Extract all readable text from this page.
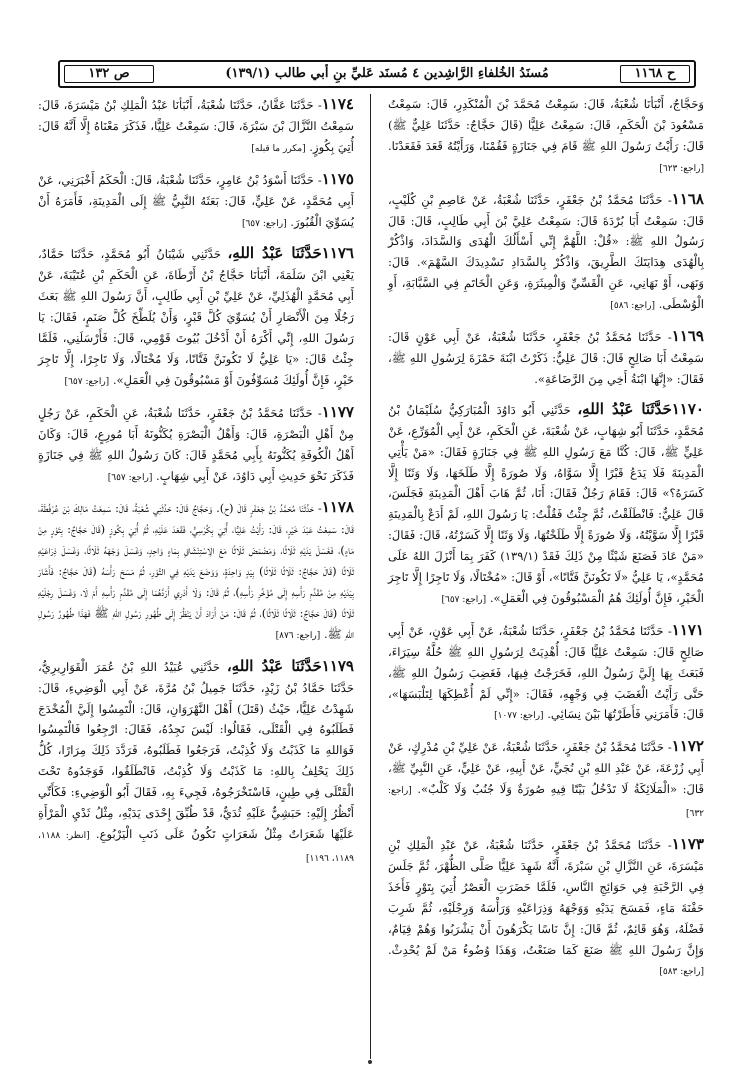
ص ١٣٢	مُسنَدُ الخُلفاءِ الرَّاشِدين ٤ مُسنَد عَليِّ بنِ أَبي طالب (١٣٩/١)	ح ١١٦٨

وَحَجَّاجٌ، أَنْبَأنَا شُعْبَةُ، قَالَ: سَمِعْتُ مُحَمَّدَ بْنَ الْمُنْكَدِرِ، قَالَ: سَمِعْتُ مَسْعُودَ بْنَ الْحَكَمِ، قَالَ: سَمِعْتُ عَلِيًّا (قَالَ حَجَّاجٌ: حَدَّثَنَا عَلِيٌّ ﷺ) قَالَ: رَأَيْتُ رَسُولَ اللهِ ﷺ قَامَ فِي جَنَازَةٍ فَقُمْنَا، وَرَأَيْتُهُ قَعَدَ فَقَعَدْنَا. [راجع: ٦٢٣]

١١٦٨- حَدَّثَنَا مُحَمَّدُ بْنُ جَعْفَرٍ، حَدَّثَنَا شُعْبَةُ، عَنْ عَاصِمِ بْنِ كُلَيْبٍ، قَالَ: سَمِعْتُ أَبَا بُرْدَةَ قَالَ: سَمِعْتُ عَلِيَّ بْنَ أَبِي طَالِبٍ، قَالَ: قَالَ رَسُولُ اللهِ ﷺ: «قُلْ: اللَّهُمَّ إِنِّي أَسْأَلُكَ الْهُدَى وَالسَّدَادَ، وَاذْكُرْ بِالْهُدَى هِدَايَتَكَ الطَّرِيقَ، وَاذْكُرْ بِالسَّدَادِ تَسْدِيدَكَ السَّهْمَ». قَالَ: وَنَهَى، أَوْ نَهَانِي، عَنِ الْقَسِّيِّ وَالْمِيثَرَةِ، وَعَنِ الْخَاتَمِ فِي السَّبَّابَةِ، أَوِ الْوُسْطَى. [راجع: ٥٨٦]

١١٦٩- حَدَّثَنَا مُحَمَّدُ بْنُ جَعْفَرٍ، حَدَّثَنَا شُعْبَةُ، عَنْ أَبِي عَوْنٍ قَالَ: سَمِعْتُ أَبَا صَالِحٍ قَالَ: قَالَ عَلِيٌّ: ذَكَرْتُ ابْنَةَ حَمْزَةَ لِرَسُولِ اللهِ ﷺ، فَقَالَ: «إِنَّهَا ابْنَةُ أَخِي مِنَ الرَّضَاعَةِ».

١١٧٠حَدَّثَنَا عَبْدُ اللهِ، حَدَّثَنِي أَبُو دَاوُدَ الْمُبَارَكِيُّ سُلَيْمَانُ بْنُ مُحَمَّدٍ، حَدَّثَنَا أَبُو شِهَابٍ، عَنْ شُعْبَةَ، عَنِ الْحَكَمِ، عَنْ أَبِي الْمُوَرِّعِ، عَنْ عَلِيٍّ ﷺ، قَالَ: كُنَّا مَعَ رَسُولِ اللهِ ﷺ فِي جَنَازَةٍ فَقَالَ: «مَنْ يَأْتِي الْمَدِينَةَ فَلَا يَدَعُ قَبْرًا إِلَّا سَوَّاهُ، وَلَا صُورَةً إِلَّا طَلَخَهَا، وَلَا وَثَنًا إِلَّا كَسَرَهُ؟» قَالَ: فَقَامَ رَجُلٌ فَقَالَ: أَنَا، ثُمَّ هَابَ أَهْلَ الْمَدِينَةِ فَجَلَسَ، قَالَ عَلِيٌّ: فَانْطَلَقْتُ، ثُمَّ جِئْتُ فَقُلْتُ: يَا رَسُولَ اللهِ، لَمْ أَدَعْ بِالْمَدِينَةِ قَبْرًا إِلَّا سَوَّيْتُهُ، وَلَا صُورَةً إِلَّا طَلَخْتُهَا، وَلَا وَثَنًا إِلَّا كَسَرْتُهُ، قَالَ: فَقَالَ: «مَنْ عَادَ فَصَنَعَ شَيْئًا مِنْ ذَلِكَ فَقَدْ (١٣٩/١) كَفَرَ بِمَا أَنْزَلَ اللهُ عَلَى مُحَمَّدٍ»، يَا عَلِيُّ «لَا تَكُونَنَّ فَتَّانًا»، أَوْ قَالَ: «مُخْتَالًا، وَلَا تَاجِرًا إِلَّا تَاجِرَ الْخَيْرِ، فَإِنَّ أُولَئِكَ هُمُ الْمَسْبُوقُونَ فِي الْعَمَلِ». [راجع: ٦٥٧]

١١٧١- حَدَّثَنَا مُحَمَّدُ بْنُ جَعْفَرٍ، حَدَّثَنَا شُعْبَةُ، عَنْ أَبِي عَوْنٍ، عَنْ أَبِي صَالِحٍ قَالَ: سَمِعْتُ عَلِيًّا قَالَ: أُهْدِيَتْ لِرَسُولِ اللهِ ﷺ حُلَّةُ سِيَرَاءَ، فَبَعَثَ بِهَا إِلَيَّ رَسُولُ اللهِ، فَخَرَجْتُ فِيهَا، فَغَضِبَ رَسُولُ اللهِ ﷺ، حَتَّى رَأَيْتُ الْغَضَبَ فِي وَجْهِهِ، فَقَالَ: «إِنِّي لَمْ أُعْطِكَهَا لِتَلْبَسَهَا»، قَالَ: فَأَمَرَنِي فَأَطَرْتُهَا بَيْنَ نِسَائِي. [راجع: ١٠٧٧]

١١٧٢- حَدَّثَنَا مُحَمَّدُ بْنُ جَعْفَرٍ، حَدَّثَنَا شُعْبَةُ، عَنْ عَلِيِّ بْنِ مُدْرِكٍ، عَنْ أَبِي زُرْعَةَ، عَنْ عَبْدِ اللهِ بْنِ نُجَيٍّ، عَنْ أَبِيهِ، عَنْ عَلِيٍّ، عَنِ النَّبِيِّ ﷺ، قَالَ: «الْمَلَائِكَةُ لَا تَدْخُلُ بَيْتًا فِيهِ صُورَةٌ وَلَا جُنُبٌ وَلَا كَلْبٌ». [راجع: ٦٣٢]

١١٧٣- حَدَّثَنَا مُحَمَّدُ بْنُ جَعْفَرٍ، حَدَّثَنَا شُعْبَةُ، عَنْ عَبْدِ الْمَلِكِ بْنِ مَيْسَرَةَ، عَنِ النَّزَّالِ بْنِ سَبْرَةَ، أَنَّهُ شَهِدَ عَلِيًّا صَلَّى الظُّهْرَ، ثُمَّ جَلَسَ فِي الرَّحْبَةِ فِي حَوَائِجِ النَّاسِ، فَلَمَّا حَضَرَتِ الْعَصْرُ أُتِيَ بِتَوْرٍ فَأَخَذَ حَفْنَةَ مَاءٍ، فَمَسَحَ يَدَيْهِ وَوَجْهَهُ وَذِرَاعَيْهِ وَرَأْسَهُ وَرِجْلَيْهِ، ثُمَّ شَرِبَ فَضْلَهُ، وَهُوَ قَائِمٌ، ثُمَّ قَالَ: إِنَّ نَاسًا يَكْرَهُونَ أَنْ يَشْرَبُوا وَهُمْ قِيَامٌ، وَإِنَّ رَسُولَ اللهِ ﷺ صَنَعَ كَمَا صَنَعْتُ، وَهَذَا وُضُوءُ مَنْ لَمْ يُحْدِثْ. [راجع: ٥٨٣]

١١٧٤- حَدَّثَنَا عَفَّانُ، حَدَّثَنَا شُعْبَةُ، أَنْبَأنَا عَبْدُ الْمَلِكِ بْنُ مَيْسَرَةَ، قَالَ: سَمِعْتُ النَّزَّالَ بْنَ سَبْرَةَ، قَالَ: سَمِعْتُ عَلِيًّا، فَذَكَرَ مَعْنَاهُ إِلَّا أَنَّهُ قَالَ: أُتِيَ بِكُوزٍ. [مكرر ما قبله]

١١٧٥- حَدَّثَنَا أَسْوَدُ بْنُ عَامِرٍ، حَدَّثَنَا شُعْبَةُ، قَالَ: الْحَكَمُ أَخْبَرَنِي، عَنْ أَبِي مُحَمَّدٍ، عَنْ عَلِيٍّ، قَالَ: بَعَثَهُ النَّبِيُّ ﷺ إِلَى الْمَدِينَةِ، فَأَمَرَهُ أَنْ يُسَوِّيَ الْقُبُورَ. [راجع: ٦٥٧]

١١٧٦حَدَّثَنَا عَبْدُ اللهِ، حَدَّثَنِي شَيْبَانُ أَبُو مُحَمَّدٍ، حَدَّثَنَا حَمَّادٌ، يَعْنِي ابْنَ سَلَمَةَ، أَنْبَأنَا حَجَّاجُ بْنُ أَرْطَاةَ، عَنِ الْحَكَمِ بْنِ عُتَيْبَةَ، عَنْ أَبِي مُحَمَّدٍ الْهُذَلِيِّ، عَنْ عَلِيِّ بْنِ أَبِي طَالِبٍ، أَنَّ رَسُولَ اللهِ ﷺ بَعَثَ رَجُلًا مِنَ الْأَنْصَارِ أَنْ يُسَوِّيَ كُلَّ قَبْرٍ، وَأَنْ يُلَطِّخَ كُلَّ صَنَمٍ، فَقَالَ: يَا رَسُولَ اللهِ، إِنِّي أَكْرَهُ أَنْ أَدْخُلَ بُيُوتَ قَوْمِي، قَالَ: فَأَرْسَلَنِي، فَلَمَّا جِئْتُ قَالَ: «يَا عَلِيُّ لَا تَكُونَنَّ فَتَّانًا، وَلَا مُخْتَالًا، وَلَا تَاجِرًا، إِلَّا تَاجِرَ خَيْرٍ، فَإِنَّ أُولَئِكَ مُسَوِّفُونَ أَوْ مَسْبُوقُونَ فِي الْعَمَلِ». [راجع: ٦٥٧]

١١٧٧- حَدَّثَنَا مُحَمَّدُ بْنُ جَعْفَرٍ، حَدَّثَنَا شُعْبَةُ، عَنِ الْحَكَمِ، عَنْ رَجُلٍ مِنْ أَهْلِ الْبَصْرَةِ، قَالَ: وَأَهْلُ الْبَصْرَةِ يُكَنُّونَهُ أَبَا مُورِعٍ، قَالَ: وَكَانَ أَهْلُ الْكُوفَةِ يُكَنُّونَهُ بِأَبِي مُحَمَّدٍ قَالَ: كَانَ رَسُولُ اللهِ ﷺ فِي جَنَازَةٍ فَذَكَرَ نَحْوَ حَدِيثِ أَبِي دَاوُدَ، عَنْ أَبِي شِهَابٍ. [راجع: ٦٥٧]

١١٧٨- حَدَّثَنَا مُحَمَّدُ بْنُ جَعْفَرٍ قَالَ (ح). وَحَجَّاجٌ قَالَ: حَدَّثَنِي شُعْبَةُ، قَالَ: سَمِعْتُ مَالِكَ بْنَ عُرْفُطَةَ، قَالَ: سَمِعْتُ عَبْدَ خَيْرٍ، قَالَ: رَأَيْتُ عَلِيًّا، أُتِيَ بِكُرْسِيٍّ، فَقَعَدَ عَلَيْهِ، ثُمَّ أُتِيَ بِكُوزٍ (قَالَ حَجَّاجٌ: بِتَوْرٍ مِنْ مَاءٍ)، فَغَسَلَ يَدَيْهِ ثَلَاثًا، وَمَضْمَضَ ثَلَاثًا مَعَ الِاسْتِنْشَاقِ بِمَاءٍ وَاحِدٍ، وَغَسَلَ وَجْهَهُ ثَلَاثًا، وَغَسَلَ ذِرَاعَيْهِ ثَلَاثًا (قَالَ حَجَّاجٌ: ثَلَاثًا ثَلَاثًا) بِيَدٍ وَاحِدَةٍ، وَوَضَعَ يَدَيْهِ فِي التَّوْرِ، ثُمَّ مَسَحَ رَأْسَهُ (قَالَ حَجَّاجٌ: فَأَشَارَ بِيَدَيْهِ مِنْ مُقَدَّمِ رَأْسِهِ إِلَى مُؤَخَّرِ رَأْسِهِ)، ثُمَّ قَالَ: وَلَا أَدْرِي أَرَدَّهُمَا إِلَى مُقَدَّمِ رَأْسِهِ أَمْ لَا، وَغَسَلَ رِجْلَيْهِ ثَلَاثًا (قَالَ حَجَّاجٌ: ثَلَاثًا ثَلَاثًا)، ثُمَّ قَالَ: مَنْ أَرَادَ أَنْ يَنْظُرَ إِلَى طُهُورِ رَسُولِ اللهِ ﷺ فَهَذَا طُهُورُ رَسُولِ اللهِ ﷺ. [راجع: ٨٧٦]

١١٧٩حَدَّثَنَا عَبْدُ اللهِ، حَدَّثَنِي عُبَيْدُ اللهِ بْنُ عُمَرَ الْقَوَارِيرِيُّ، حَدَّثَنَا حَمَّادُ بْنُ زَيْدٍ، حَدَّثَنَا جَمِيلُ بْنُ مُرَّةَ، عَنْ أَبِي الْوَضِيءِ، قَالَ: شَهِدْتُ عَلِيًّا، حَيْثُ (قَتَلَ) أَهْلَ النَّهْرَوَانِ، قَالَ: الْتَمِسُوا إِلَيَّ الْمُخْدَجَ فَطَلَبُوهُ فِي الْقَتْلَى، فَقَالُوا: لَيْسَ نَجِدُهُ، فَقَالَ: ارْجِعُوا فَالْتَمِسُوا فَوَاللهِ مَا كَذَبْتُ وَلَا كُذِبْتُ، فَرَجَعُوا فَطَلَبُوهُ، فَرَدَّدَ ذَلِكَ مِرَارًا، كُلُّ ذَلِكَ يَحْلِفُ بِاللهِ: مَا كَذَبْتُ وَلَا كُذِبْتُ، فَانْطَلَقُوا، فَوَجَدُوهُ تَحْتَ الْقَتْلَى فِي طِينٍ، فَاسْتَخْرَجُوهُ، فَجِيءَ بِهِ، فَقَالَ أَبُو الْوَضِيءِ: فَكَأَنِّي أَنْظُرُ إِلَيْهِ: حَبَشِيٌّ عَلَيْهِ ثُدَيٌّ، قَدْ طُبِّقَ إِحْدَى يَدَيْهِ، مِثْلُ ثَدْيِ الْمَرْأَةِ عَلَيْهَا شَعَرَاتٌ مِثْلُ شَعَرَاتٍ تَكُونُ عَلَى ذَنَبِ الْيَرْبُوعِ. [انظر: ١١٨٨، ١١٨٩، ١١٩٦]
